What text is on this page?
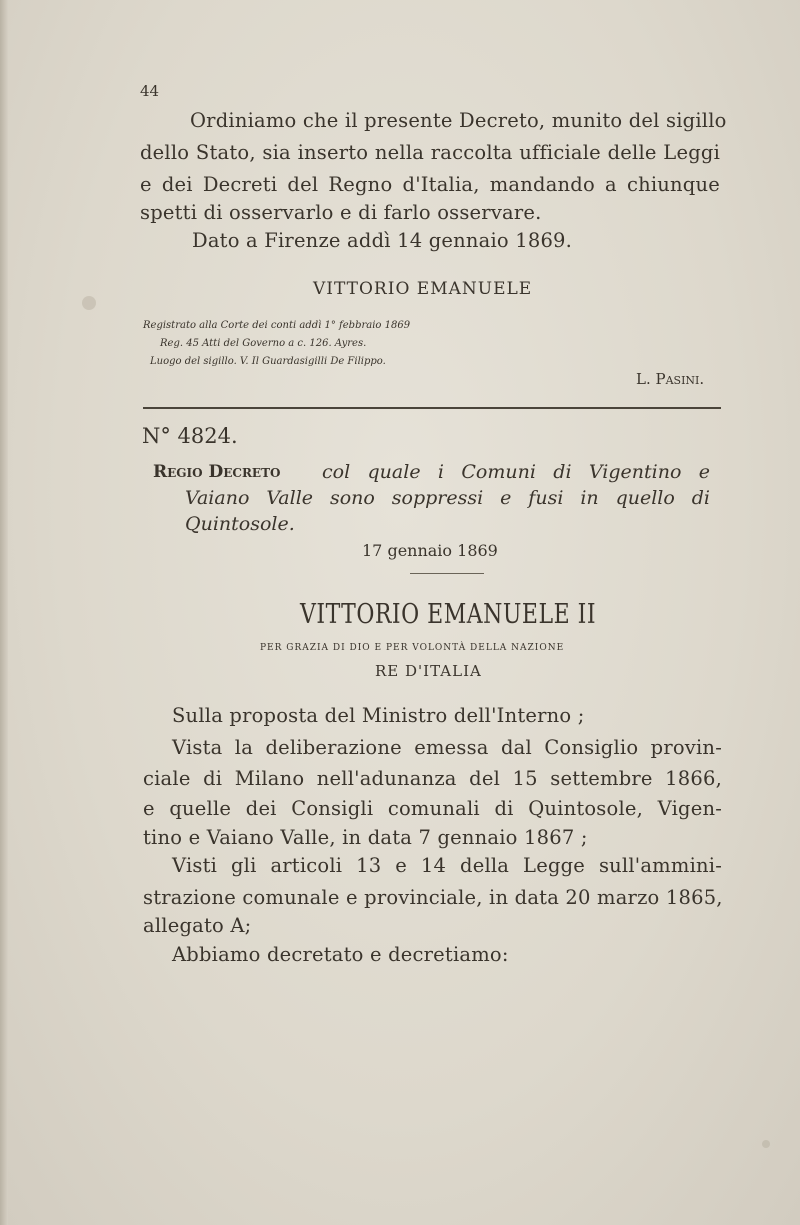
44
Ordiniamo che il presente Decreto, munito del sigillo
dello Stato, sia inserto nella raccolta ufficiale delle Leggi
e dei Decreti del Regno d'Italia, mandando a chiunque
spetti di osservarlo e di farlo osservare.
Dato a Firenze addì 14 gennaio 1869.
VITTORIO EMANUELE
Registrato alla Corte dei conti addì 1° febbraio 1869
Reg. 45 Atti del Governo a c. 126. Ayres.
Luogo del sigillo. V. Il Guardasigilli De Filippo.
L. Pasini.
N° 4824.
Regio Decreto col quale i Comuni di Vigentino e
Vaiano Valle sono soppressi e fusi in quello di
Quintosole.
17 gennaio 1869
VITTORIO EMANUELE II
PER GRAZIA DI DIO E PER VOLONTÀ DELLA NAZIONE
RE D'ITALIA
Sulla proposta del Ministro dell'Interno ;
Vista la deliberazione emessa dal Consiglio provin-
ciale di Milano nell'adunanza del 15 settembre 1866,
e quelle dei Consigli comunali di Quintosole, Vigen-
tino e Vaiano Valle, in data 7 gennaio 1867 ;
Visti gli articoli 13 e 14 della Legge sull'ammini-
strazione comunale e provinciale, in data 20 marzo 1865,
allegato A;
Abbiamo decretato e decretiamo:
